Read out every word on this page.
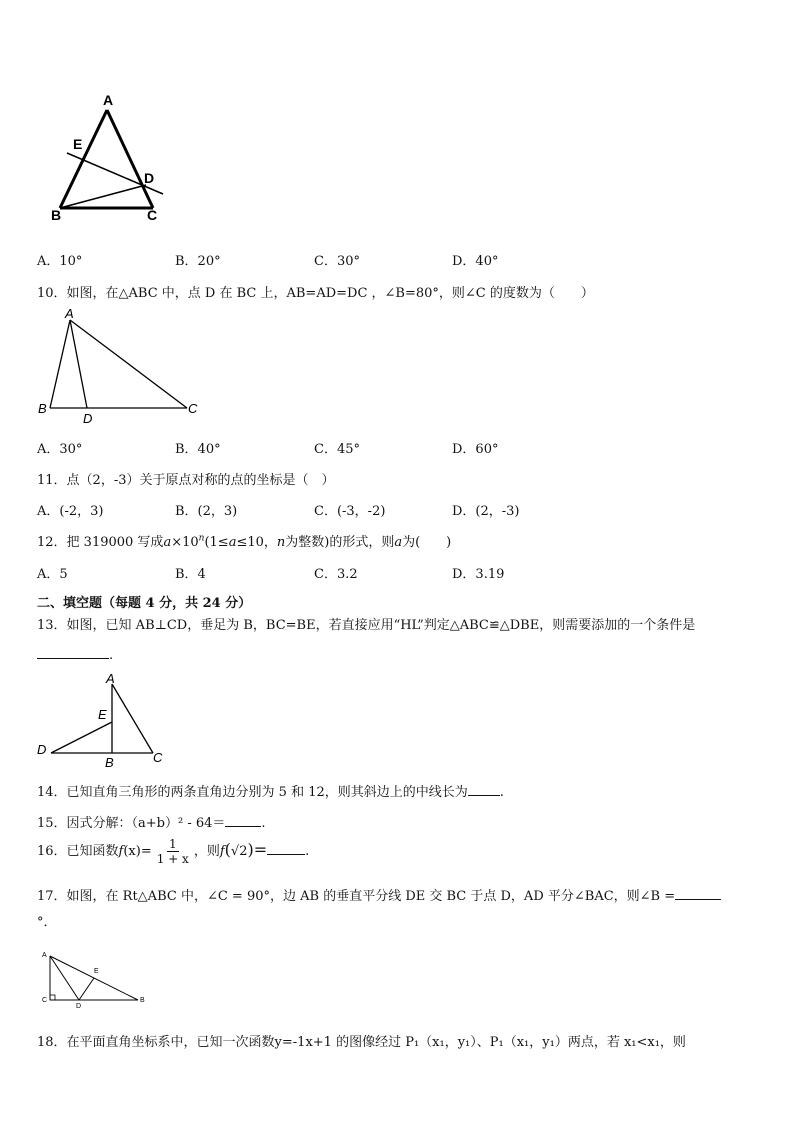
A
E
D
B	C
A．10°	B．20°	C．30°	D．40°
10．如图，在△ABC 中，点 D 在 BC 上，AB=AD=DC ，∠B=80°，则∠C 的度数为（　　）
A
B
D
C
A．30°	B．40°	C．45°	D．60°
11．点（2，-3）关于原点对称的点的坐标是（　）
A．(-2，3)	B．(2，3)	C．(-3，-2)	D．(2，-3)
12．把 319000 写成$a\times 10^n(1\le a\le 10$，n为整数)的形式，则a为(　　)
A．5	B．4	C．3.2	D．3.19
二、填空题（每题 4 分，共 24 分）
13．如图，已知 AB⊥CD，垂足为 B，BC=BE，若直接应用“HL”判定△ABC≌△DBE，则需要添加的一个条件是
.
A
E
D
B	C
14．已知直角三角形的两条直角边分别为 5 和 12，则其斜边上的中线长为 .
15．因式分解：（a+b）² - 64＝	.
16．已知函数$f(x)= \frac{1}{1 + x}$ ，则f(√2)=	.
17．如图，在 Rt△ABC 中，∠C = 90°，边 AB 的垂直平分线 DE 交 BC 于点 D，AD 平分∠BAC，则∠B =
°．
A
E
C
D
B
18．在平面直角坐标系中，已知一次函数y=-1x+1 的图像经过 P₁（x₁，y₁）、P₁（x₁，y₁）两点，若 x₁<x₁，则
